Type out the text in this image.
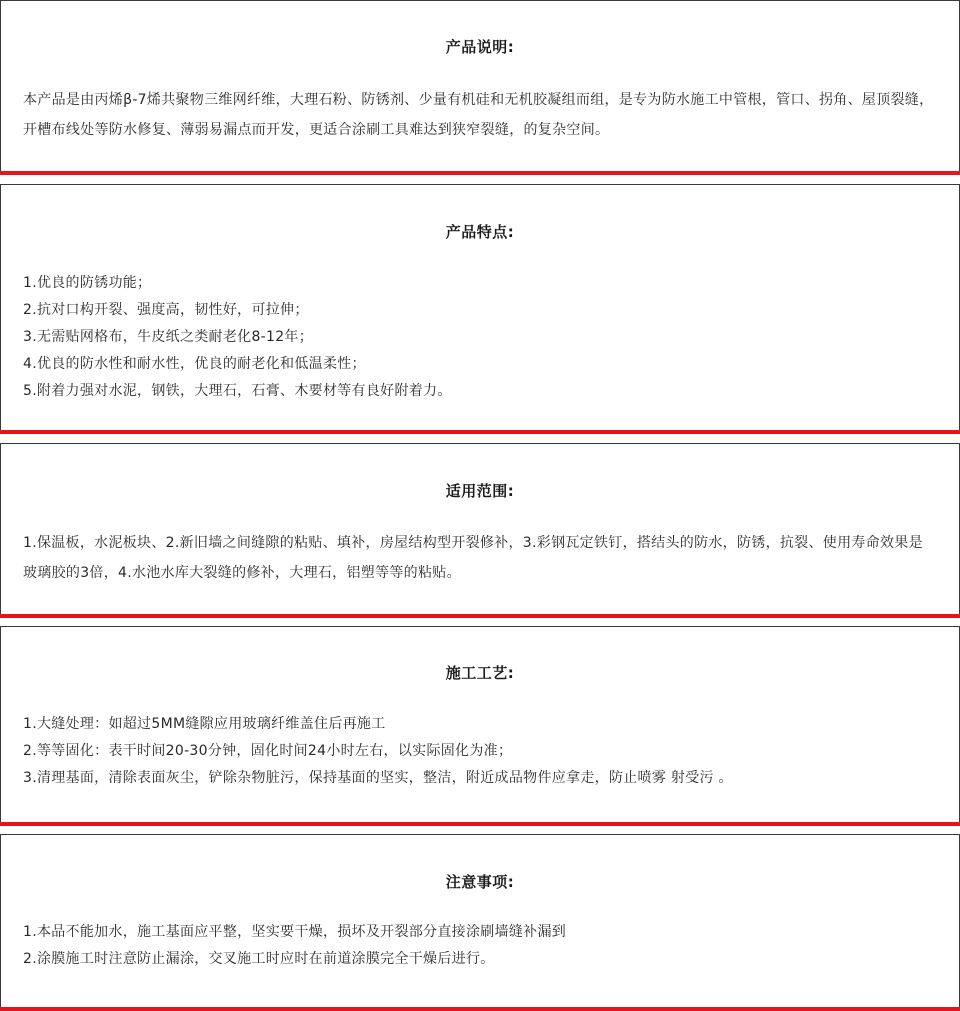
产品说明:
本产品是由丙烯β-7烯共聚物三维网纤维，大理石粉、防锈剂、少量有机硅和无机胶凝组而组，是专为防水施工中管根，管口、拐角、屋顶裂缝，开槽布线处等防水修复、薄弱易漏点而开发，更适合涂刷工具难达到狭窄裂缝，的复杂空间。
产品特点:
1.优良的防锈功能；
2.抗对口构开裂、强度高，韧性好，可拉伸；
3.无需贴网格布，牛皮纸之类耐老化8-12年；
4.优良的防水性和耐水性，优良的耐老化和低温柔性；
5.附着力强对水泥，钢铁，大理石，石膏、木要材等有良好附着力。
适用范围:
1.保温板，水泥板块、2.新旧墙之间缝隙的粘贴、填补，房屋结构型开裂修补，3.彩钢瓦定铁钉，搭结头的防水，防锈，抗裂、使用寿命效果是玻璃胶的3倍，4.水池水库大裂缝的修补，大理石，铝塑等等的粘贴。
施工工艺:
1.大缝处理：如超过5MM缝隙应用玻璃纤维盖住后再施工
2.等等固化：表干时间20-30分钟，固化时间24小时左右，以实际固化为准；
3.清理基面，清除表面灰尘，铲除杂物脏污，保持基面的坚实，整洁，附近成品物件应拿走，防止喷雾 射受污 。
注意事项:
1.本品不能加水，施工基面应平整，坚实要干燥，损坏及开裂部分直接涂刷墙缝补漏到
2.涂膜施工时注意防止漏涂，交叉施工时应时在前道涂膜完全干燥后进行。
